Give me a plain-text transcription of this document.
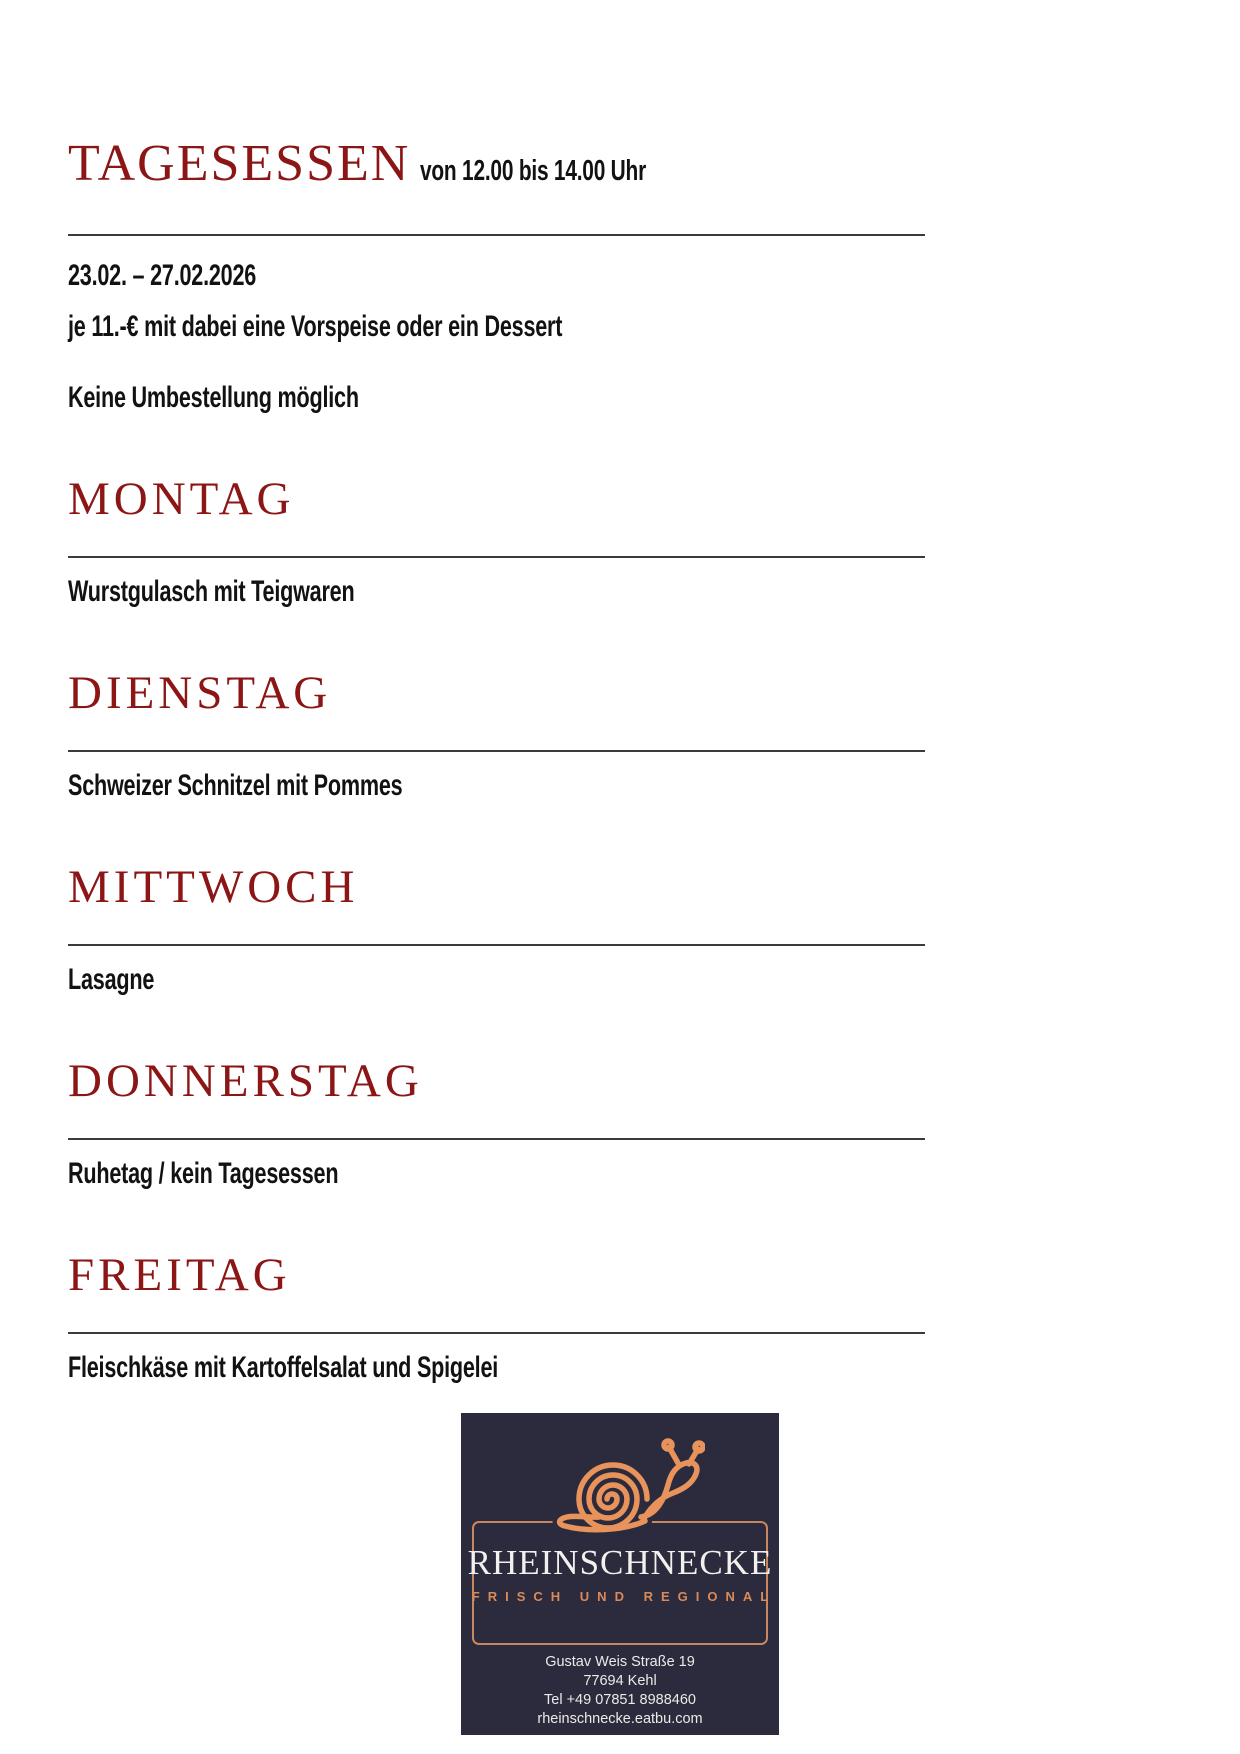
TAGESESSEN von 12.00 bis 14.00 Uhr

23.02. – 27.02.2026

je 11.-€ mit dabei eine Vorspeise oder ein Dessert

Keine Umbestellung möglich

MONTAG

Wurstgulasch mit Teigwaren

DIENSTAG

Schweizer Schnitzel mit Pommes

MITTWOCH

Lasagne

DONNERSTAG

Ruhetag / kein Tagesessen

FREITAG

Fleischkäse mit Kartoffelsalat und Spigelei

RHEINSCHNECKE
FRISCH UND REGIONAL
Gustav Weis Straße 19
77694 Kehl
Tel +49 07851 8988460
rheinschnecke.eatbu.com
